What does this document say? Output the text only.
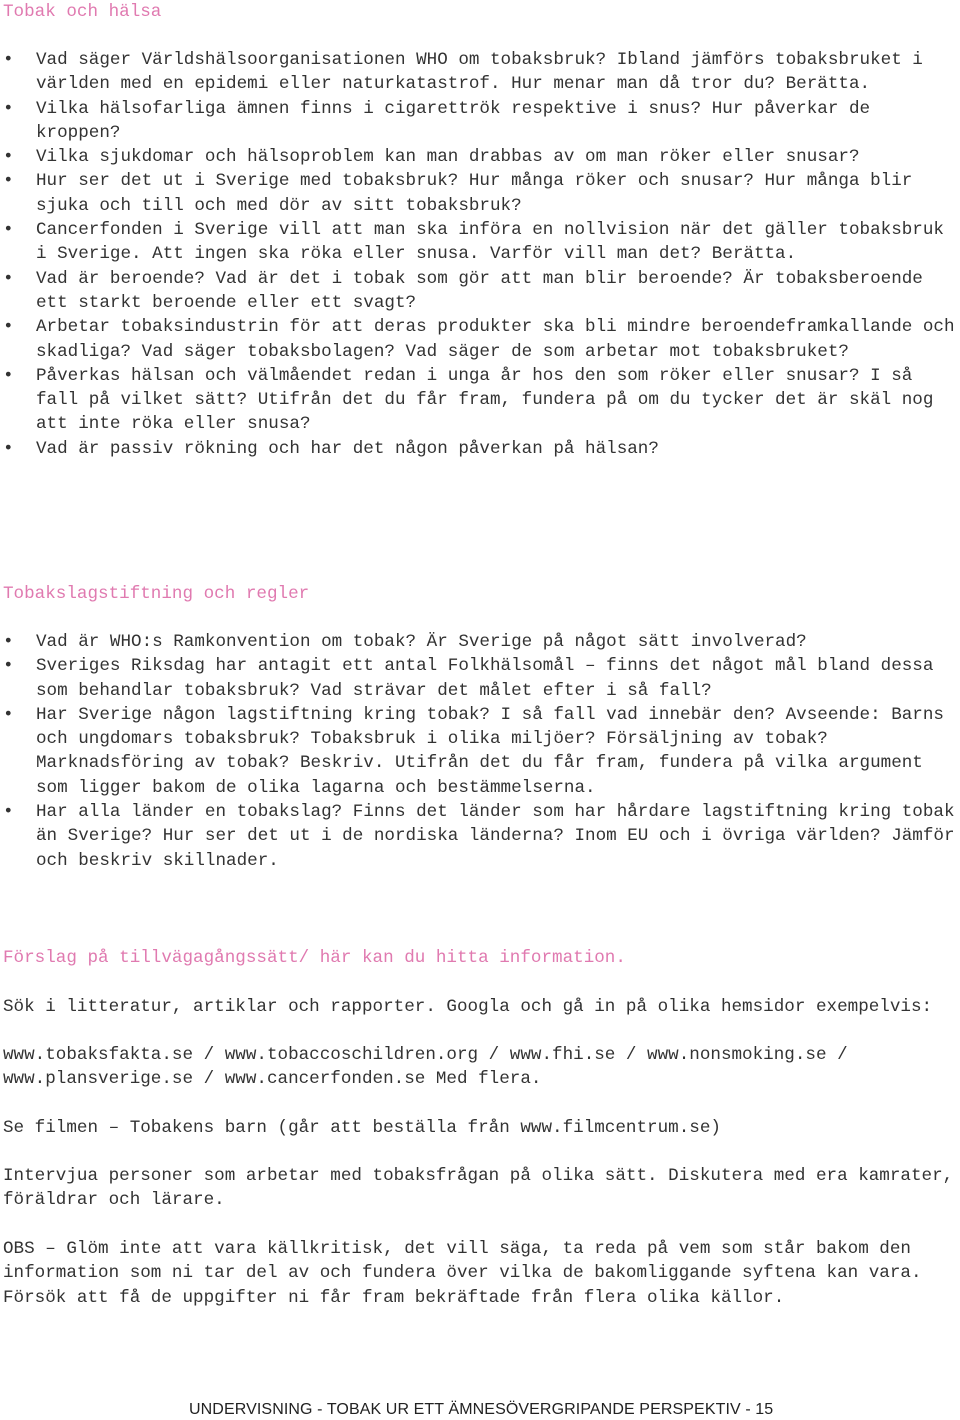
Tobak och hälsa
•	Vad säger Världshälsoorganisationen WHO om tobaksbruk? Ibland jämförs tobaksbruket i världen med en epidemi eller naturkatastrof. Hur menar man då tror du? Berätta.
•	Vilka hälsofarliga ämnen finns i cigarettrök respektive i snus? Hur påverkar de kroppen?
•	Vilka sjukdomar och hälsoproblem kan man drabbas av om man röker eller snusar?
•	Hur ser det ut i Sverige med tobaksbruk? Hur många röker och snusar? Hur många blir sjuka och till och med dör av sitt tobaksbruk?
•	Cancerfonden i Sverige vill att man ska införa en nollvision när det gäller tobaksbruk i Sverige. Att ingen ska röka eller snusa. Varför vill man det? Berätta.
•	Vad är beroende? Vad är det i tobak som gör att man blir beroende? Är tobaksberoende ett starkt beroende eller ett svagt?
•	Arbetar tobaksindustrin för att deras produkter ska bli mindre beroendeframkallande och skadliga? Vad säger tobaksbolagen? Vad säger de som arbetar mot tobaksbruket?
•	Påverkas hälsan och välmåendet redan i unga år hos den som röker eller snusar? I så fall på vilket sätt? Utifrån det du får fram, fundera på om du tycker det är skäl nog att inte röka eller snusa?
•	Vad är passiv rökning och har det någon påverkan på hälsan?
Tobakslagstiftning och regler
•	Vad är WHO:s Ramkonvention om tobak? Är Sverige på något sätt involverad?
•	Sveriges Riksdag har antagit ett antal Folkhälsomål – finns det något mål bland dessa som behandlar tobaksbruk? Vad strävar det målet efter i så fall?
•	Har Sverige någon lagstiftning kring tobak? I så fall vad innebär den? Avseende: Barns och ungdomars tobaksbruk? Tobaksbruk i olika miljöer? Försäljning av tobak? Marknadsföring av tobak? Beskriv. Utifrån det du får fram, fundera på vilka argument som ligger bakom de olika lagarna och bestämmelserna.
•	Har alla länder en tobakslag? Finns det länder som har hårdare lagstiftning kring tobak än Sverige? Hur ser det ut i de nordiska länderna? Inom EU och i övriga världen? Jämför och beskriv skillnader.
Förslag på tillvägagångssätt/ här kan du hitta information.

Sök i litteratur, artiklar och rapporter. Googla och gå in på olika hemsidor exempelvis:

www.tobaksfakta.se / www.tobaccoschildren.org / www.fhi.se / www.nonsmoking.se / www.plansverige.se / www.cancerfonden.se Med flera.

Se filmen – Tobakens barn (går att beställa från www.filmcentrum.se)

Intervjua personer som arbetar med tobaksfrågan på olika sätt. Diskutera med era kamrater, föräldrar och lärare.

OBS – Glöm inte att vara källkritisk, det vill säga, ta reda på vem som står bakom den information som ni tar del av och fundera över vilka de bakomliggande syftena kan vara. Försök att få de uppgifter ni får fram bekräftade från flera olika källor.

UNDERVISNING - TOBAK UR ETT ÄMNESÖVERGRIPANDE PERSPEKTIV - 15
